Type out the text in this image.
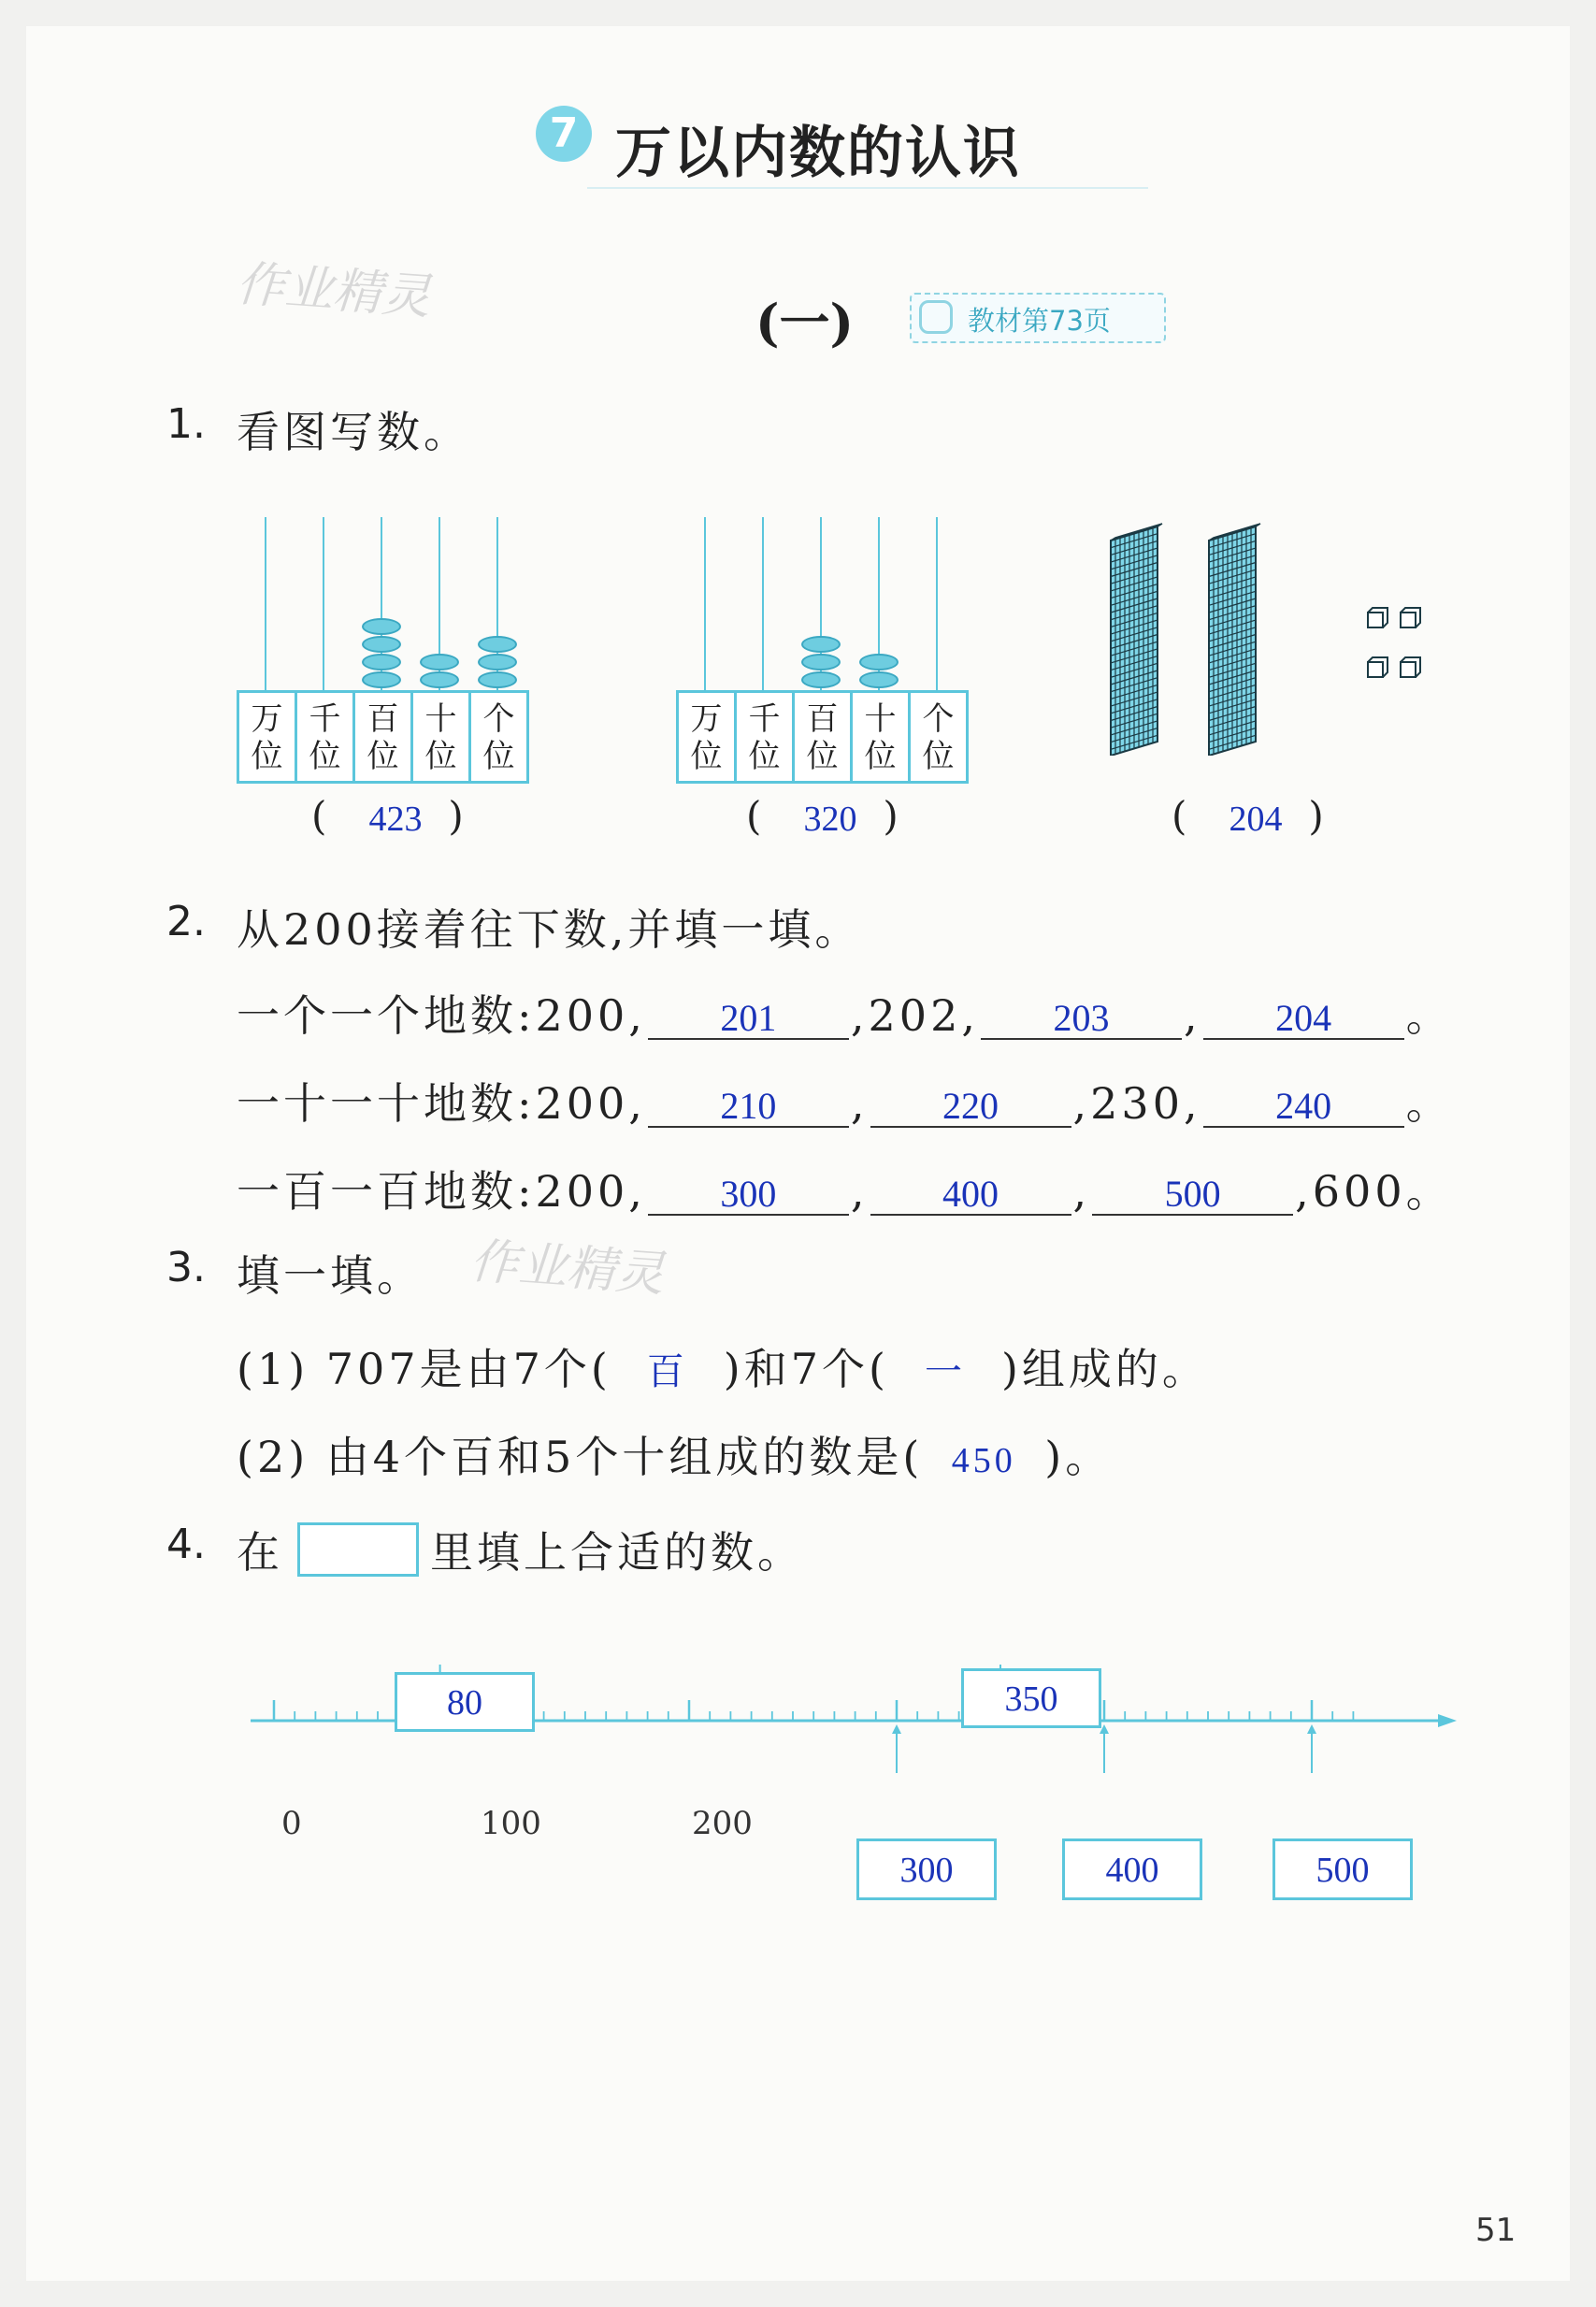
7 万以内数的认识
作业精灵	(一)	教材第73页
1. 看图写数。
万
位
千
位
百
位
十
位
个
位
(	)
423
万
位
千
位
百
位
十
位
个
位
(	)
320	(	)
204
2. 从200接着往下数,并填一填。
一个一个地数:200, 201 ,202, 203 , 204 。
一十一十地数:200, 210 , 220 ,230, 240 。
一百一百地数:200, 300 , 400 , 500 ,600。
作业精灵
3. 填一填。
(1) 707是由7个( 百 )和7个( 一 )组成的。
(2) 由4个百和5个十组成的数是( 450 )。
4. 在	里填上合适的数。
0	100	200
80	350
300	400	500
51
